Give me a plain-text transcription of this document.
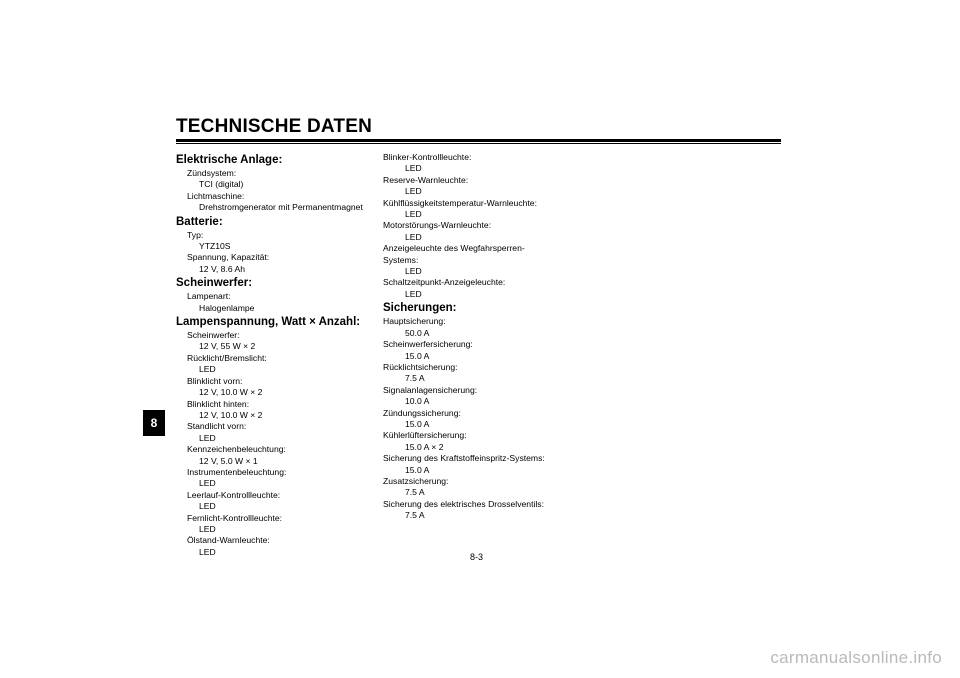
TECHNISCHE DATEN
8
Elektrische Anlage:
Zündsystem:
TCI (digital)
Lichtmaschine:
Drehstromgenerator mit Permanentmagnet
Batterie:
Typ:
YTZ10S
Spannung, Kapazität:
12 V, 8.6 Ah
Scheinwerfer:
Lampenart:
Halogenlampe
Lampenspannung, Watt × Anzahl:
Scheinwerfer:
12 V, 55 W × 2
Rücklicht/Bremslicht:
LED
Blinklicht vorn:
12 V, 10.0 W × 2
Blinklicht hinten:
12 V, 10.0 W × 2
Standlicht vorn:
LED
Kennzeichenbeleuchtung:
12 V, 5.0 W × 1
Instrumentenbeleuchtung:
LED
Leerlauf-Kontrollleuchte:
LED
Fernlicht-Kontrollleuchte:
LED
Ölstand-Warnleuchte:
LED
Blinker-Kontrollleuchte:
LED
Reserve-Warnleuchte:
LED
Kühlflüssigkeitstemperatur-Warnleuchte:
LED
Motorstörungs-Warnleuchte:
LED
Anzeigeleuchte des Wegfahrsperren-
Systems:
LED
Schaltzeitpunkt-Anzeigeleuchte:
LED
Sicherungen:
Hauptsicherung:
50.0 A
Scheinwerfersicherung:
15.0 A
Rücklichtsicherung:
7.5 A
Signalanlagensicherung:
10.0 A
Zündungssicherung:
15.0 A
Kühlerlüftersicherung:
15.0 A × 2
Sicherung des Kraftstoffeinspritz-Systems:
15.0 A
Zusatzsicherung:
7.5 A
Sicherung des elektrisches Drosselventils:
7.5 A
8-3
carmanualsonline.info
